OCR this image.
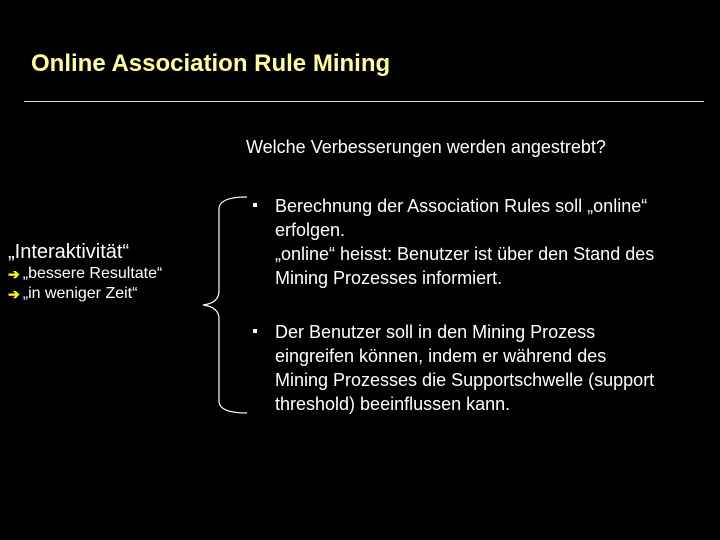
Online Association Rule Mining
Welche Verbesserungen werden angestrebt?
„Interaktivität“
➔ „bessere Resultate“
➔ „in weniger Zeit“

Berechnung der Association Rules soll „online“

erfolgen.

„online“ heisst: Benutzer ist über den Stand des

Mining Prozesses informiert.

Der Benutzer soll in den Mining Prozess

eingreifen können, indem er während des

Mining Prozesses die Supportschwelle (support

threshold) beeinflussen kann.
